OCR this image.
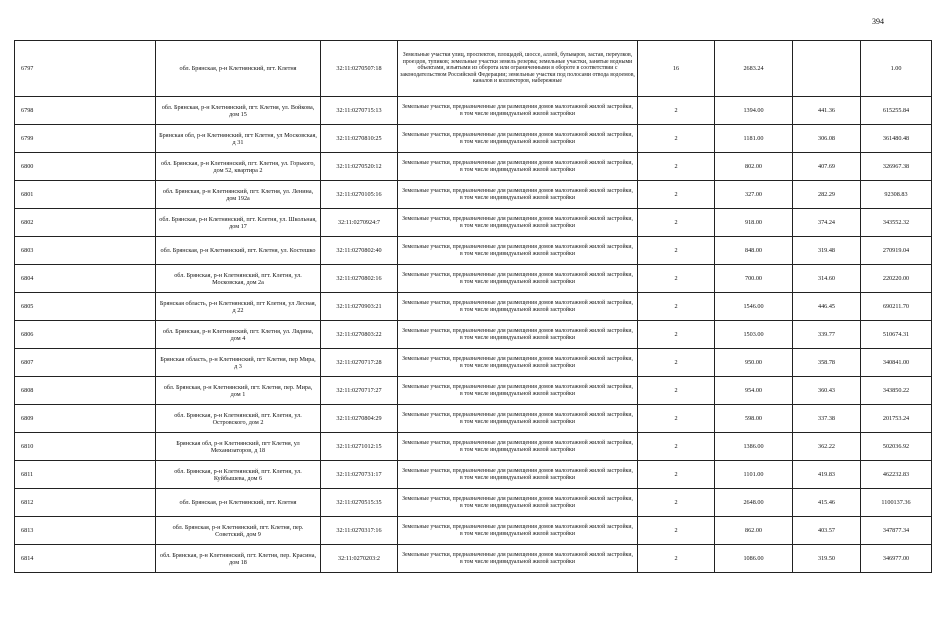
394
6797	обл. Брянская, р-н Клетнянский, пгт. Клетня	32:11:0270507:18	Земельные участки улиц, проспектов, площадей, шоссе, аллей, бульваров, застав, переулков, проездов, тупиков; земельные участки земель резерва; земельные участки, занятые водными объектами, изъятыми из оборота или ограниченными в обороте в соответствии с законодательством Российской Федерации; земельные участки под полосами отвода водоемов, каналов и коллекторов, набережные	16	2683.24		1.00
6798	обл. Брянская, р-н Клетнянский, пгт. Клетня, ул. Войкова, дом 15	32:11:0270715:13	Земельные участки, предназначенные для размещения домов малоэтажной жилой застройки, в том числе индивидуальной жилой застройки	2	1394.00	441.36	615255.84
6799	Брянская обл, р-н Клетнянский, пгт Клетня, ул Московская, д 31	32:11:0270810:25	Земельные участки, предназначенные для размещения домов малоэтажной жилой застройки, в том числе индивидуальной жилой застройки	2	1181.00	306.08	361480.48
6800	обл. Брянская, р-н Клетнянский, пгт. Клетня, ул. Горького, дом 52, квартира 2	32:11:0270520:12	Земельные участки, предназначенные для размещения домов малоэтажной жилой застройки, в том числе индивидуальной жилой застройки	2	802.00	407.69	326967.38
6801	обл. Брянская, р-н Клетнянский, пгт. Клетня, ул. Ленина, дом 192а	32:11:0270105:16	Земельные участки, предназначенные для размещения домов малоэтажной жилой застройки, в том числе индивидуальной жилой застройки	2	327.00	282.29	92308.83
6802	обл. Брянская, р-н Клетнянский, пгт. Клетня, ул. Школьная, дом 17	32:11:0270924:7	Земельные участки, предназначенные для размещения домов малоэтажной жилой застройки, в том числе индивидуальной жилой застройки	2	918.00	374.24	343552.32
6803	обл. Брянская, р-н Клетнянский, пгт. Клетня, ул. Костешко	32:11:0270802:40	Земельные участки, предназначенные для размещения домов малоэтажной жилой застройки, в том числе индивидуальной жилой застройки	2	848.00	319.48	270919.04
6804	обл. Брянская, р-н Клетнянский, пгт. Клетня, ул. Московская, дом 2а	32:11:0270802:16	Земельные участки, предназначенные для размещения домов малоэтажной жилой застройки, в том числе индивидуальной жилой застройки	2	700.00	314.60	220220.00
6805	Брянская область, р-н Клетнянский, пгт Клетня, ул Лесная, д 22	32:11:0270903:21	Земельные участки, предназначенные для размещения домов малоэтажной жилой застройки, в том числе индивидуальной жилой застройки	2	1546.00	446.45	690211.70
6806	обл. Брянская, р-н Клетнянский, пгт. Клетня, ул. Лядина, дом 4	32:11:0270803:22	Земельные участки, предназначенные для размещения домов малоэтажной жилой застройки, в том числе индивидуальной жилой застройки	2	1503.00	339.77	510674.31
6807	Брянская область, р-н Клетнянский, пгт Клетня, пер Мира, д 3	32:11:0270717:28	Земельные участки, предназначенные для размещения домов малоэтажной жилой застройки, в том числе индивидуальной жилой застройки	2	950.00	358.78	340841.00
6808	обл. Брянская, р-н Клетнянский, пгт. Клетня, пер. Мира, дом 1	32:11:0270717:27	Земельные участки, предназначенные для размещения домов малоэтажной жилой застройки, в том числе индивидуальной жилой застройки	2	954.00	360.43	343850.22
6809	обл. Брянская, р-н Клетнянский, пгт. Клетня, ул. Островского, дом 2	32:11:0270804:29	Земельные участки, предназначенные для размещения домов малоэтажной жилой застройки, в том числе индивидуальной жилой застройки	2	598.00	337.38	201753.24
6810	Брянская обл, р-н Клетнянский, пгт Клетня, ул Механизаторов, д 18	32:11:0271012:15	Земельные участки, предназначенные для размещения домов малоэтажной жилой застройки, в том числе индивидуальной жилой застройки	2	1386.00	362.22	502036.92
6811	обл. Брянская, р-н Клетнянский, пгт. Клетня, ул. Куйбышева, дом 6	32:11:0270731:17	Земельные участки, предназначенные для размещения домов малоэтажной жилой застройки, в том числе индивидуальной жилой застройки	2	1101.00	419.83	462232.83
6812	обл. Брянская, р-н Клетнянский, пгт. Клетня	32:11:0270515:35	Земельные участки, предназначенные для размещения домов малоэтажной жилой застройки, в том числе индивидуальной жилой застройки	2	2648.00	415.46	1100137.36
6813	обл. Брянская, р-н Клетнянский, пгт. Клетня, пер. Советский, дом 9	32:11:0270317:16	Земельные участки, предназначенные для размещения домов малоэтажной жилой застройки, в том числе индивидуальной жилой застройки	2	862.00	403.57	347877.34
6814	обл. Брянская, р-н Клетнянский, пгт. Клетня, пер. Красина, дом 18	32:11:0270203:2	Земельные участки, предназначенные для размещения домов малоэтажной жилой застройки, в том числе индивидуальной жилой застройки	2	1086.00	319.50	346977.00
